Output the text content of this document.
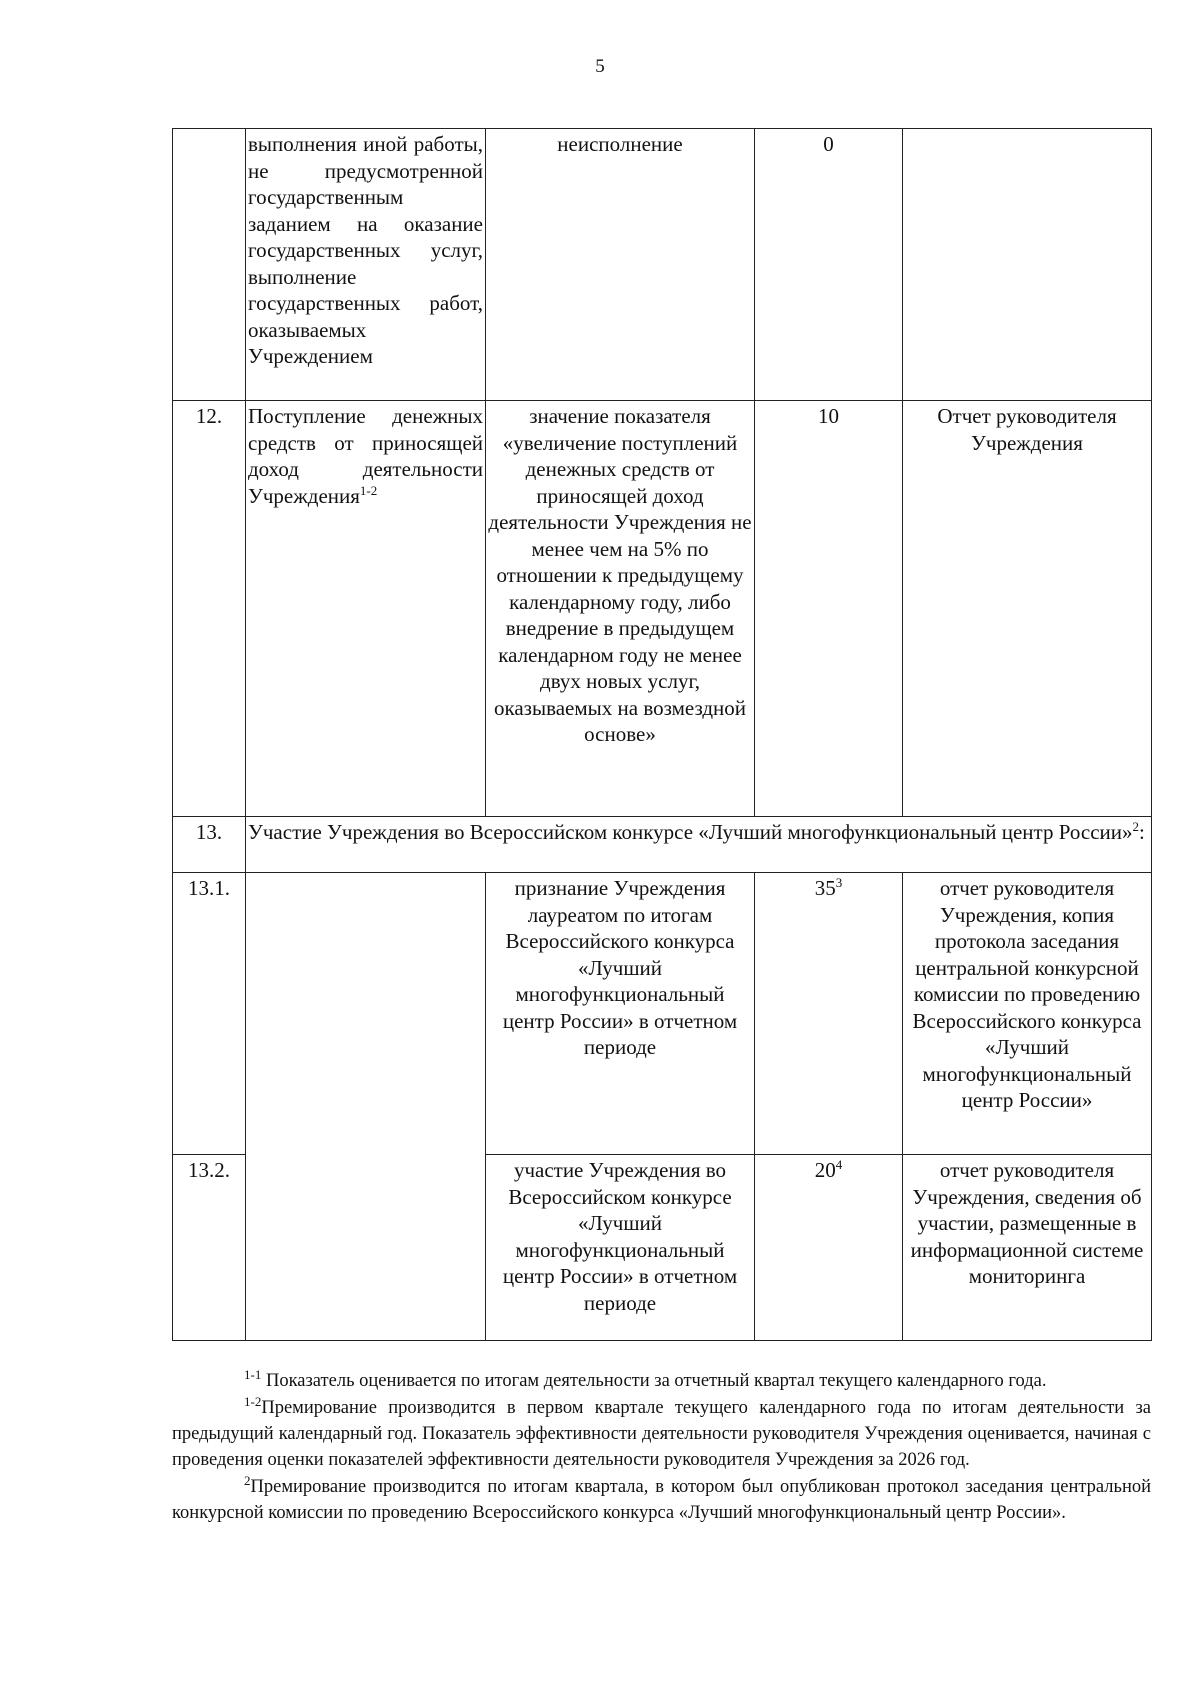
5
	выполнения иной работы, не предусмотренной государственным заданием на оказание государственных услуг, выполнение государственных работ, оказываемых Учреждением	неисполнение	0	
12.	Поступление денежных средств от приносящей доход деятельности Учреждения$^{1-2}$	значение показателя «увеличение поступлений денежных средств от приносящей доход деятельности Учреждения не менее чем на 5% по отношении к предыдущему календарному году, либо внедрение в предыдущем календарном году не менее двух новых услуг, оказываемых на возмездной основе»	10	Отчет руководителя Учреждения
13.	Участие Учреждения во Всероссийском конкурсе «Лучший многофункциональный центр России»$^2$:			
13.1.		признание Учреждения лауреатом по итогам Всероссийского конкурса «Лучший многофункциональный центр России» в отчетном периоде	$35^3$	отчет руководителя Учреждения, копия протокола заседания центральной конкурсной комиссии по проведению Всероссийского конкурса «Лучший многофункциональный центр России»
13.2.		участие Учреждения во Всероссийском конкурсе «Лучший многофункциональный центр России» в отчетном периоде	$20^4$	отчет руководителя Учреждения, сведения об участии, размещенные в информационной системе мониторинга

$^{1-1}$ Показатель оценивается по итогам деятельности за отчетный квартал текущего календарного года.

$^{1-2}$Премирование производится в первом квартале текущего календарного года по итогам деятельности за предыдущий календарный год. Показатель эффективности деятельности руководителя Учреждения оценивается, начиная с проведения оценки показателей эффективности деятельности руководителя Учреждения за 2026 год.

$^2$Премирование производится по итогам квартала, в котором был опубликован протокол заседания центральной конкурсной комиссии по проведению Всероссийского конкурса «Лучший многофункциональный центр России».
